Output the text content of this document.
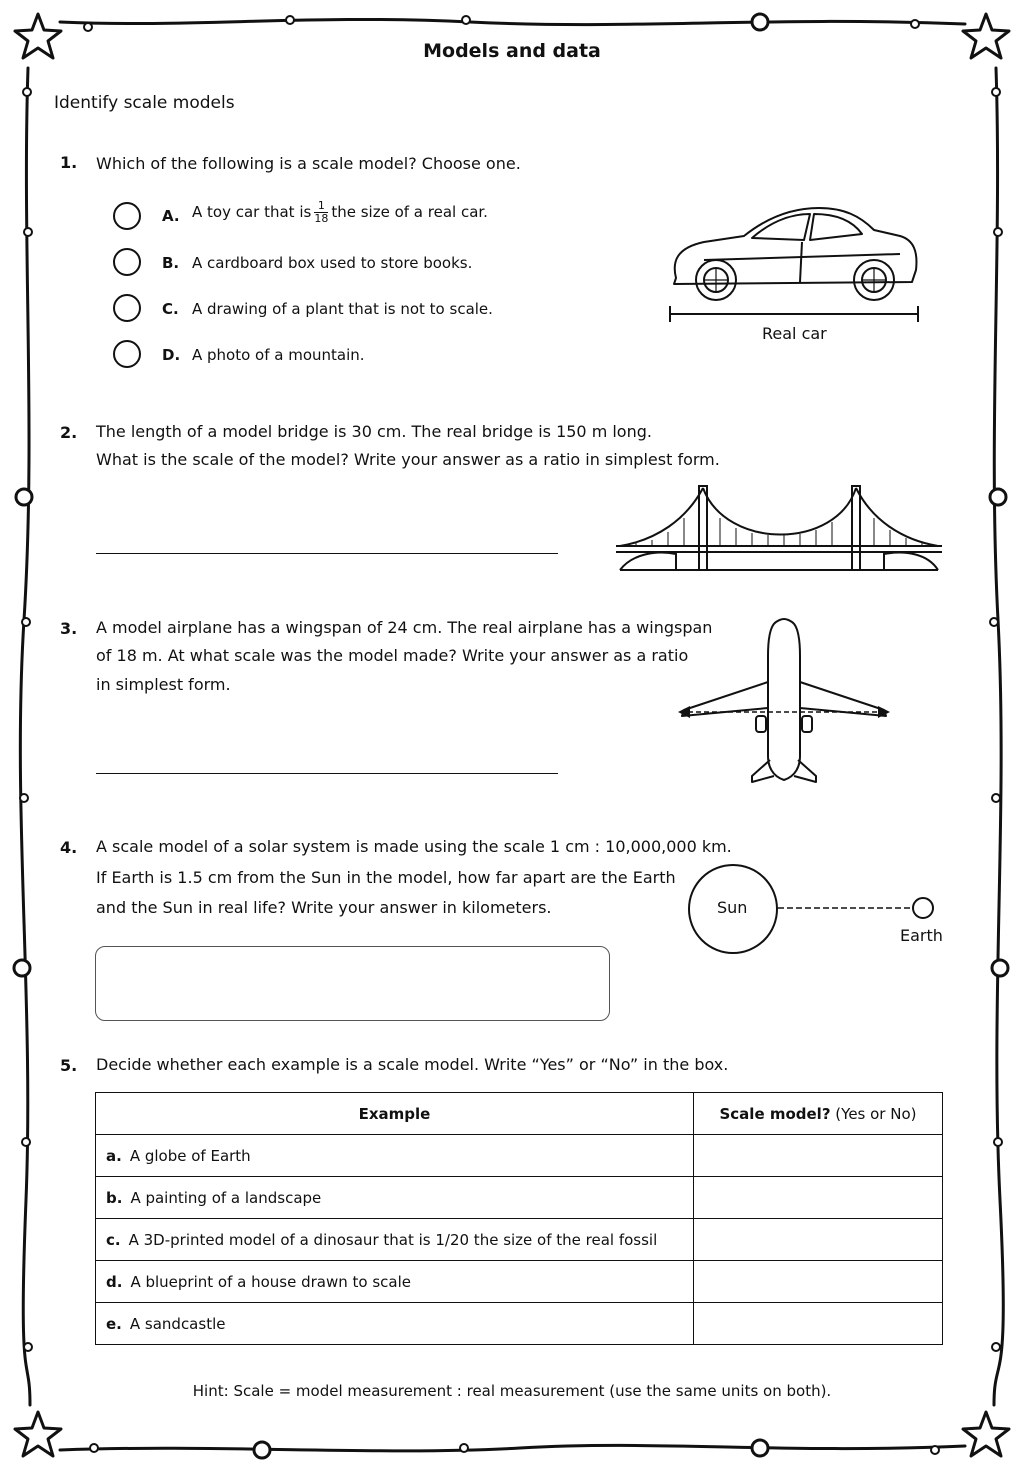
Models and data
Identify scale models
1. Which of the following is a scale model? Choose one.
A. A toy car that is $\frac{1}{18}$ the size of a real car.
B. A cardboard box used to store books.
C. A drawing of a plant that is not to scale.
D. A photo of a mountain.
Real car
2. The length of a model bridge is 30 cm. The real bridge is 150 m long.
What is the scale of the model? Write your answer as a ratio in simplest form.
3. A model airplane has a wingspan of 24 cm. The real airplane has a wingspan
of 18 m. At what scale was the model made? Write your answer as a ratio
in simplest form.
4. A scale model of a solar system is made using the scale 1 cm : 10,000,000 km.
If Earth is 1.5 cm from the Sun in the model, how far apart are the Earth
and the Sun in real life? Write your answer in kilometers.	Sun
Earth
5. Decide whether each example is a scale model. Write “Yes” or “No” in the box.
Example	Scale model? (Yes or No)
a. A globe of Earth	
b. A painting of a landscape	
c. A 3D-printed model of a dinosaur that is 1/20 the size of the real fossil	
d. A blueprint of a house drawn to scale	
e. A sandcastle	
Hint: Scale = model measurement : real measurement (use the same units on both).
